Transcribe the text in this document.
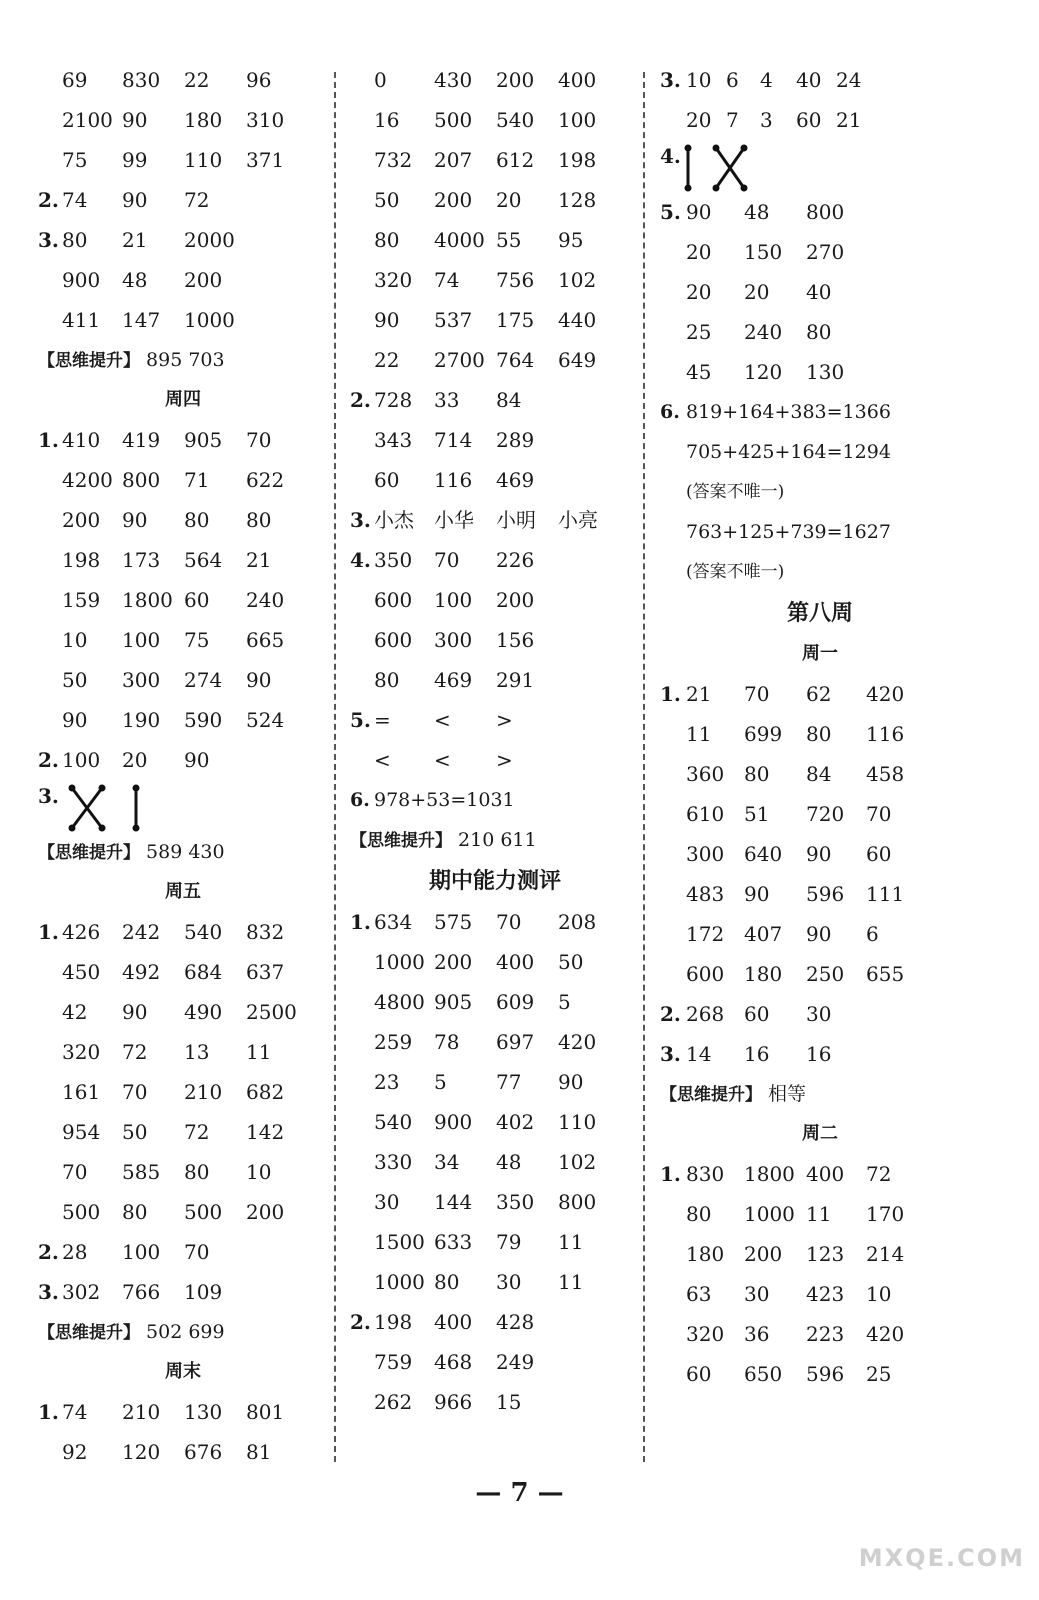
69 830 22 96
2100 90 180 310
75 99 110 371
2. 74 90 72
3. 80 21 2000
900 48 200
411 147 1000
【思维提升】 895 703
周四
1. 410 419 905 70
4200 800 71 622
200 90 80 80
198 173 564 21
159 1800 60 240
10 100 75 665
50 300 274 90
90 190 590 524
2. 100 20 90
3.
【思维提升】 589 430
周五
1. 426 242 540 832
450 492 684 637
42 90 490 2500
320 72 13 11
161 70 210 682
954 50 72 142
70 585 80 10
500 80 500 200
2. 28 100 70
3. 302 766 109
【思维提升】 502 699
周末
1. 74 210 130 801
92 120 676 81
0 430 200 400
16 500 540 100
732 207 612 198
50 200 20 128
80 4000 55 95
320 74 756 102
90 537 175 440
22 2700 764 649
2. 728 33 84
343 714 289
60 116 469
3. 小杰 小华 小明 小亮
4. 350 70 226
600 100 200
600 300 156
80 469 291
5. = < >
< < >
6. 978+53=1031
【思维提升】 210 611
期中能力测评
1. 634 575 70 208
1000 200 400 50
4800 905 609 5
259 78 697 420
23 5 77 90
540 900 402 110
330 34 48 102
30 144 350 800
1500 633 79 11
1000 80 30 11
2. 198 400 428
759 468 249
262 966 15
3. 10 6 4 40 24
20 7 3 60 21
4.
5. 90 48 800
20 150 270
20 20 40
25 240 80
45 120 130
6. 819+164+383=1366
705+425+164=1294
(答案不唯一)
763+125+739=1627
(答案不唯一)
第八周
周一
1. 21 70 62 420
11 699 80 116
360 80 84 458
610 51 720 70
300 640 90 60
483 90 596 111
172 407 90 6
600 180 250 655
2. 268 60 30
3. 14 16 16
【思维提升】 相等
周二
1. 830 1800 400 72
80 1000 11 170
180 200 123 214
63 30 423 10
320 36 223 420
60 650 596 25
— 7 —
MXQE.COM
